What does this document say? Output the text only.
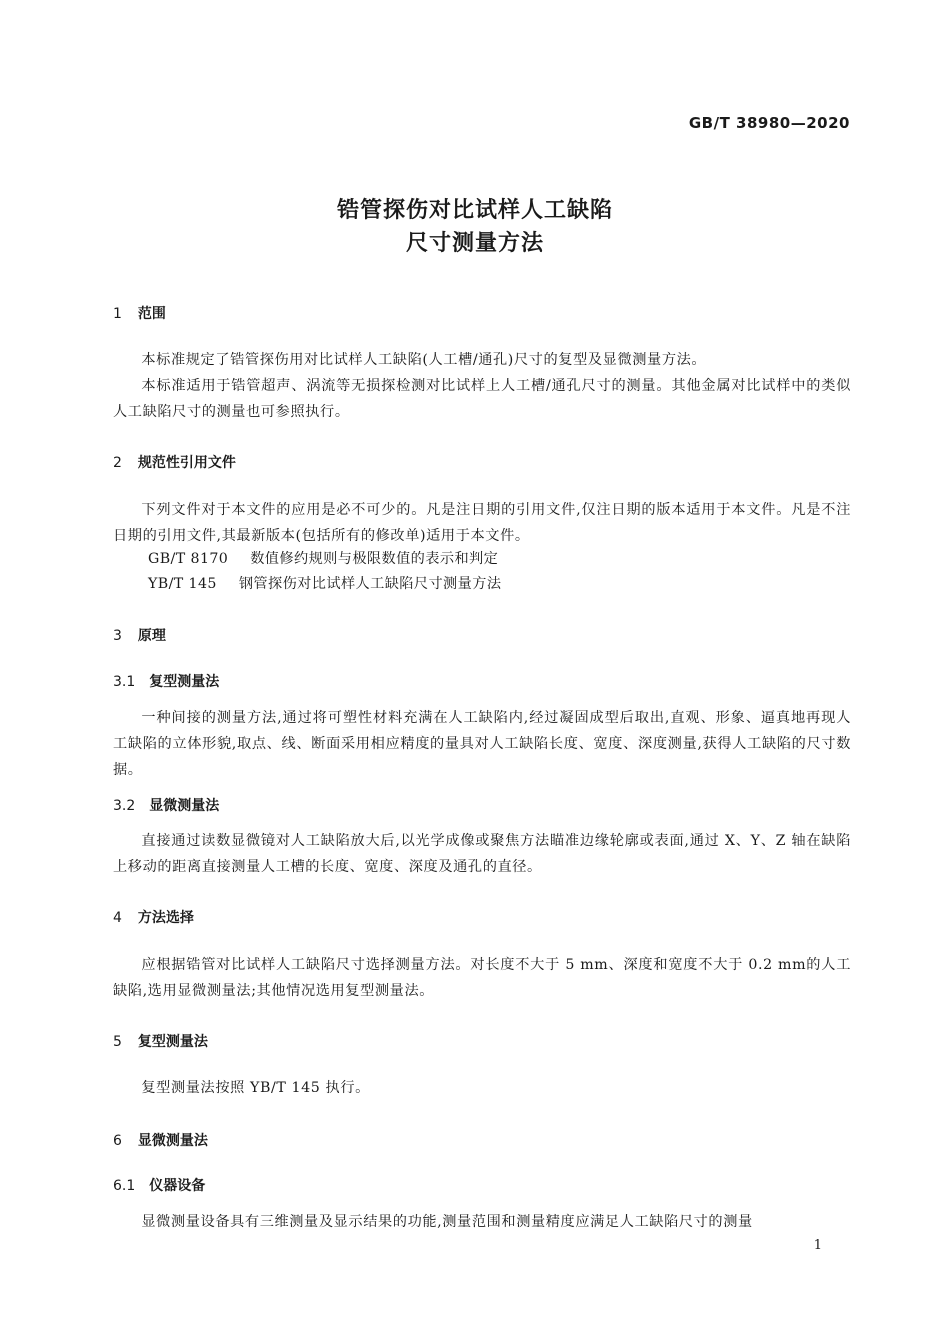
GB/T 38980—2020
锆管探伤对比试样人工缺陷
尺寸测量方法
1 范围
本标准规定了锆管探伤用对比试样人工缺陷(人工槽/通孔)尺寸的复型及显微测量方法。
本标准适用于锆管超声、涡流等无损探检测对比试样上人工槽/通孔尺寸的测量。其他金属对比试样中的类似人工缺陷尺寸的测量也可参照执行。
2 规范性引用文件
下列文件对于本文件的应用是必不可少的。凡是注日期的引用文件,仅注日期的版本适用于本文件。凡是不注日期的引用文件,其最新版本(包括所有的修改单)适用于本文件。
GB/T 8170 数值修约规则与极限数值的表示和判定
YB/T 145 钢管探伤对比试样人工缺陷尺寸测量方法
3 原理
3.1 复型测量法
一种间接的测量方法,通过将可塑性材料充满在人工缺陷内,经过凝固成型后取出,直观、形象、逼真地再现人工缺陷的立体形貌,取点、线、断面采用相应精度的量具对人工缺陷长度、宽度、深度测量,获得人工缺陷的尺寸数据。
3.2 显微测量法
直接通过读数显微镜对人工缺陷放大后,以光学成像或聚焦方法瞄准边缘轮廓或表面,通过 X、Y、Z 轴在缺陷上移动的距离直接测量人工槽的长度、宽度、深度及通孔的直径。
4 方法选择
应根据锆管对比试样人工缺陷尺寸选择测量方法。对长度不大于 5 mm、深度和宽度不大于 0.2 mm的人工缺陷,选用显微测量法;其他情况选用复型测量法。
5 复型测量法
复型测量法按照 YB/T 145 执行。
6 显微测量法
6.1 仪器设备
显微测量设备具有三维测量及显示结果的功能,测量范围和测量精度应满足人工缺陷尺寸的测量
1
